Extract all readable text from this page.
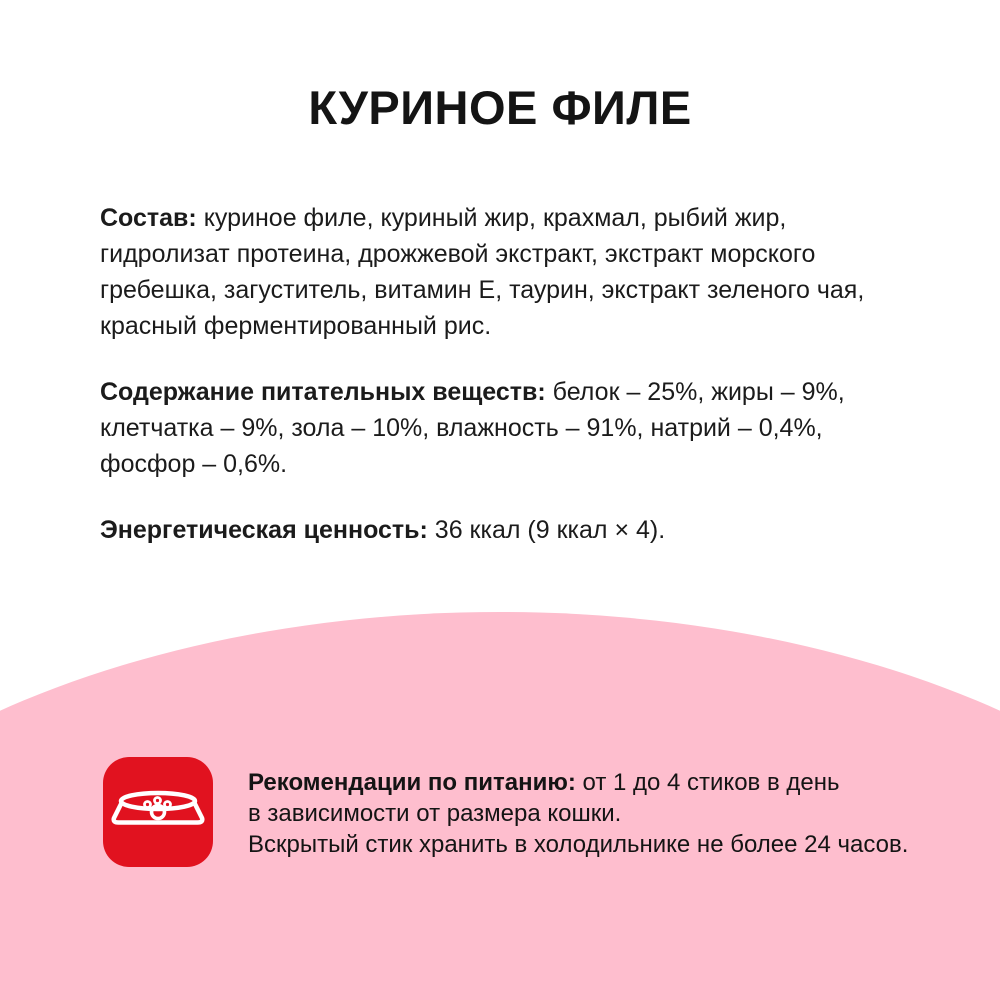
КУРИНОЕ ФИЛЕ

Состав: куриное филе, куриный жир, крахмал, рыбий жир, гидролизат протеина, дрожжевой экстракт, экстракт морского гребешка, загуститель, витамин Е, таурин, экстракт зеленого чая, красный ферментированный рис.

Содержание питательных веществ: белок – 25%, жиры – 9%, клетчатка – 9%, зола – 10%, влажность – 91%, натрий – 0,4%, фосфор – 0,6%.

Энергетическая ценность: 36 ккал (9 ккал × 4).

Рекомендации по питанию: от 1 до 4 стиков в день

в зависимости от размера кошки.

Вскрытый стик хранить в холодильнике не более 24 часов.
